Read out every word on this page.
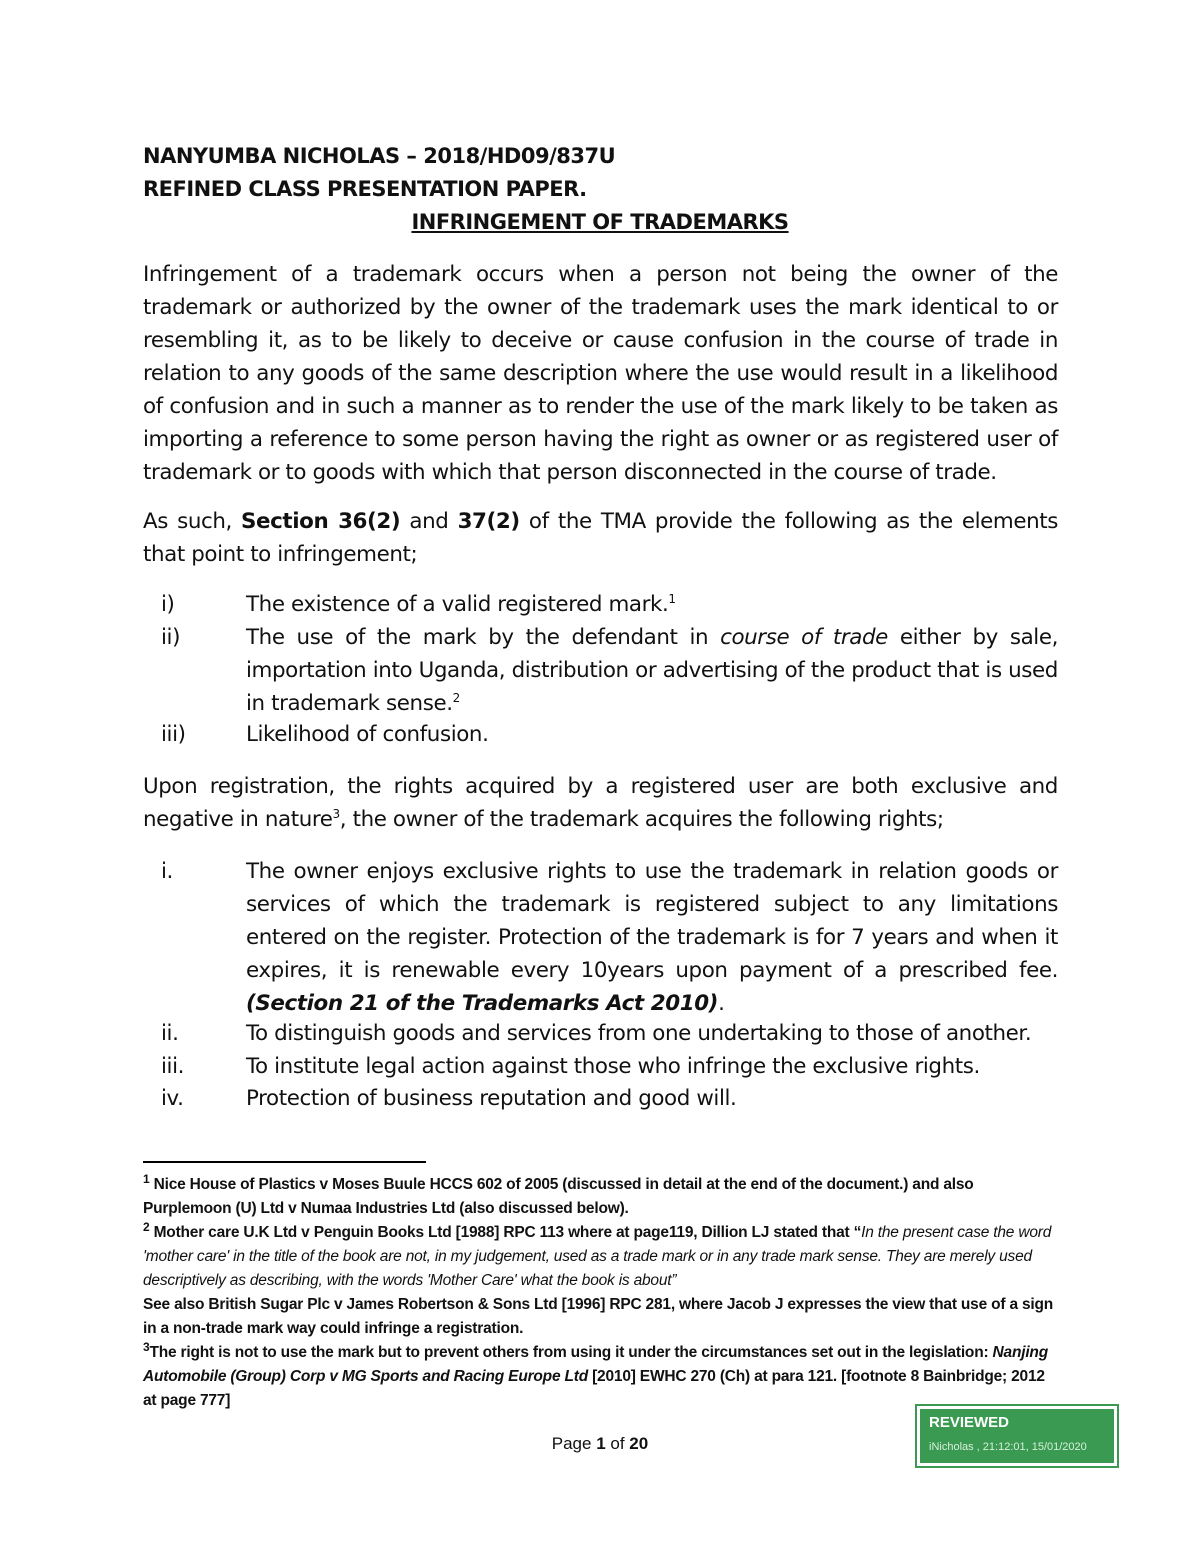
NANYUMBA NICHOLAS – 2018/HD09/837U
REFINED CLASS PRESENTATION PAPER.
INFRINGEMENT OF TRADEMARKS
Infringement of a trademark occurs when a person not being the owner of the trademark or authorized by the owner of the trademark uses the mark identical to or resembling it, as to be likely to deceive or cause confusion in the course of trade in relation to any goods of the same description where the use would result in a likelihood of confusion and in such a manner as to render the use of the mark likely to be taken as importing a reference to some person having the right as owner or as registered user of trademark or to goods with which that person disconnected in the course of trade.
As such, Section 36(2) and 37(2) of the TMA provide the following as the elements that point to infringement;
i)	The existence of a valid registered mark.$^1$
ii)	The use of the mark by the defendant in course of trade either by sale, importation into Uganda, distribution or advertising of the product that is used in trademark sense.$^2$
iii)	Likelihood of confusion.
Upon registration, the rights acquired by a registered user are both exclusive and negative in nature$^3$, the owner of the trademark acquires the following rights;
i.	The owner enjoys exclusive rights to use the trademark in relation goods or services of which the trademark is registered subject to any limitations entered on the register. Protection of the trademark is for 7 years and when it expires, it is renewable every 10years upon payment of a prescribed fee. (Section 21 of the Trademarks Act 2010).
ii.	To distinguish goods and services from one undertaking to those of another.
iii.	To institute legal action against those who infringe the exclusive rights.
iv.	Protection of business reputation and good will.
$^1$ Nice House of Plastics v Moses Buule HCCS 602 of 2005 (discussed in detail at the end of the document.) and also Purplemoon (U) Ltd v Numaa Industries Ltd (also discussed below).
$^2$ Mother care U.K Ltd v Penguin Books Ltd [1988] RPC 113 where at page119, Dillion LJ stated that “In the present case the word 'mother care' in the title of the book are not, in my judgement, used as a trade mark or in any trade mark sense. They are merely used descriptively as describing, with the words 'Mother Care' what the book is about”
See also British Sugar Plc v James Robertson & Sons Ltd [1996] RPC 281, where Jacob J expresses the view that use of a sign in a non-trade mark way could infringe a registration.
$^3$The right is not to use the mark but to prevent others from using it under the circumstances set out in the legislation: Nanjing Automobile (Group) Corp v MG Sports and Racing Europe Ltd [2010] EWHC 270 (Ch) at para 121. [footnote 8 Bainbridge; 2012 at page 777]
Page 1 of 20
REVIEWED
iNicholas , 21:12:01, 15/01/2020
